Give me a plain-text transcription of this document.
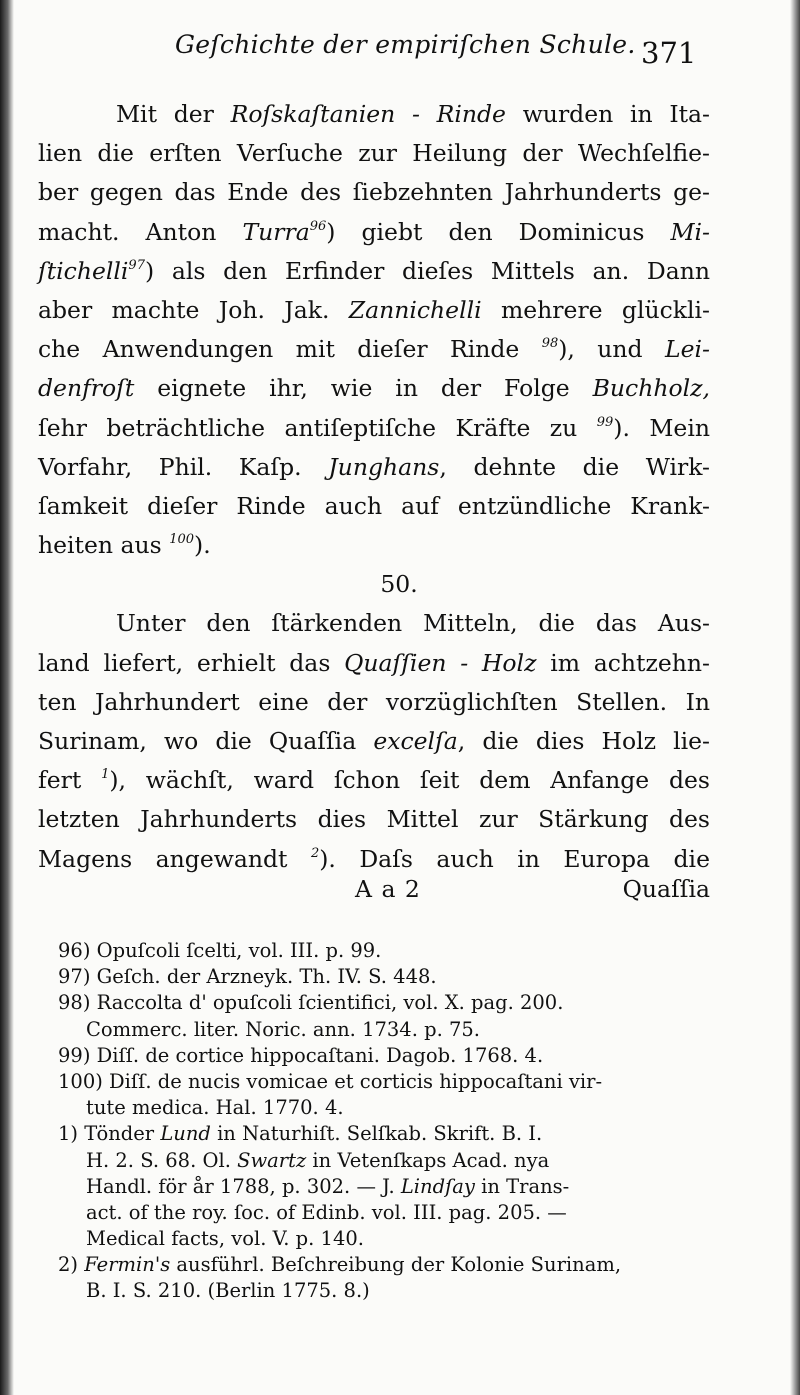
Geſchichte der empiriſchen Schule. 371
Mit der Roſskaſtanien - Rinde wurden in Ita-
lien die erſten Verſuche zur Heilung der Wechſelfie-
ber gegen das Ende des ſiebzehnten Jahrhunderts ge-
macht. Anton Turra$^{96}$) giebt den Dominicus Mi-
ſtichelli$^{97}$) als den Erfinder dieſes Mittels an. Dann
aber machte Joh. Jak. Zannichelli mehrere glückli-
che Anwendungen mit dieſer Rinde $^{98}$), und Lei-
denfroſt eignete ihr, wie in der Folge Buchholz,
ſehr beträchtliche antiſeptiſche Kräfte zu $^{99}$). Mein
Vorfahr, Phil. Kaſp. Junghans, dehnte die Wirk-
ſamkeit dieſer Rinde auch auf entzündliche Krank-
heiten aus $^{100}$).
50.
Unter den ſtärkenden Mitteln, die das Aus-
land liefert, erhielt das Quaſſien - Holz im achtzehn-
ten Jahrhundert eine der vorzüglichſten Stellen. In
Surinam, wo die Quaſſia excelſa, die dies Holz lie-
fert $^1$), wächſt, ward ſchon ſeit dem Anfange des
letzten Jahrhunderts dies Mittel zur Stärkung des
Magens angewandt $^2$). Daſs auch in Europa die
A a 2	Quaſſia
96) Opuſcoli ſcelti, vol. III. p. 99.
97) Geſch. der Arzneyk. Th. IV. S. 448.
98) Raccolta d' opuſcoli ſcientifici, vol. X. pag. 200.
Commerc. liter. Noric. ann. 1734. p. 75.
99) Diſſ. de cortice hippocaſtani. Dagob. 1768. 4.
100) Diſſ. de nucis vomicae et corticis hippocaſtani vir-
tute medica. Hal. 1770. 4.
1) Tönder Lund in Naturhiſt. Selſkab. Skrift. B. I.
H. 2. S. 68. Ol. Swartz in Vetenſkaps Acad. nya
Handl. för år 1788, p. 302. — J. Lindſay in Trans-
act. of the roy. ſoc. of Edinb. vol. III. pag. 205. —
Medical facts, vol. V. p. 140.
2) Fermin's ausführl. Beſchreibung der Kolonie Surinam,
B. I. S. 210. (Berlin 1775. 8.)
